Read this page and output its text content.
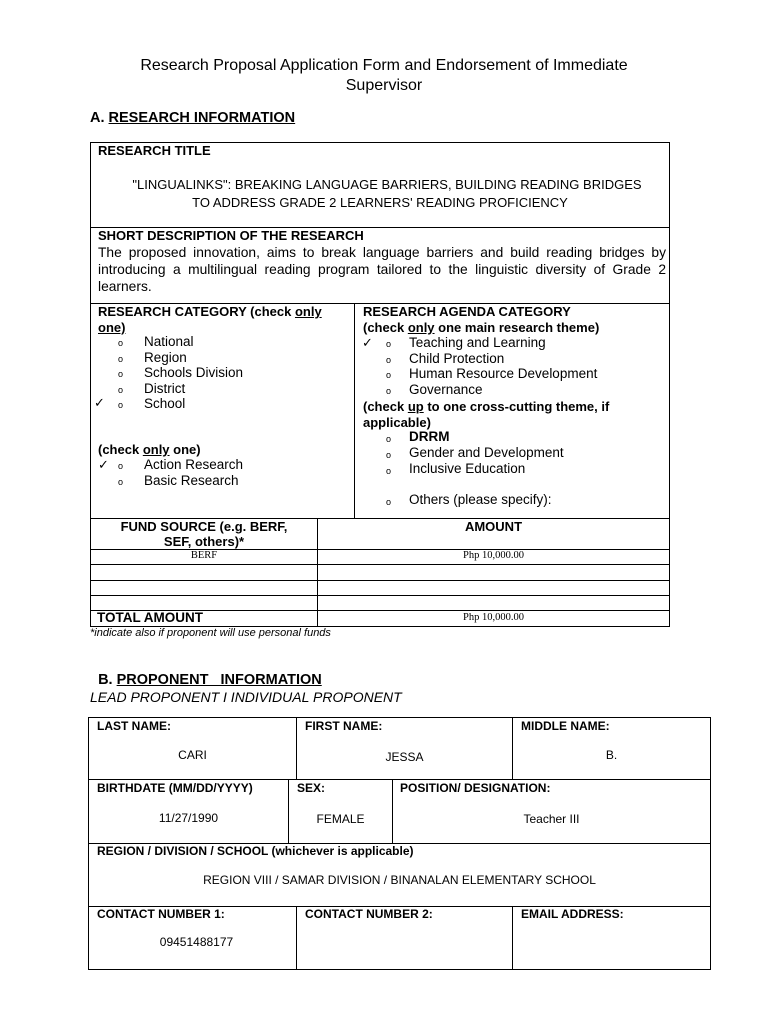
Research Proposal Application Form and Endorsement of Immediate
Supervisor
A. RESEARCH INFORMATION
RESEARCH TITLE
"LINGUALINKS": BREAKING LANGUAGE BARRIERS, BUILDING READING BRIDGES
TO ADDRESS GRADE 2 LEARNERS' READING PROFICIENCY
SHORT DESCRIPTION OF THE RESEARCH
The proposed innovation, aims to break language barriers and build reading bridges by introducing a multilingual reading program tailored to the linguistic diversity of Grade 2 learners.
RESEARCH CATEGORY (check only
one)
o National
o Region
o Schools Division
o District
✓ o School
(check only one)
✓ o Action Research
o Basic Research
RESEARCH AGENDA CATEGORY
(check only one main research theme)
✓ o Teaching and Learning
o Child Protection
o Human Resource Development
o Governance
(check up to one cross-cutting theme, if
applicable)
o DRRM
o Gender and Development
o Inclusive Education
o Others (please specify):
FUND SOURCE (e.g. BERF,
SEF, others)*
AMOUNT
BERF	Php 10,000.00
TOTAL AMOUNT	Php 10,000.00
*indicate also if proponent will use personal funds

B. PROPONENT   INFORMATION

LEAD PROPONENT I INDIVIDUAL PROPONENT
LAST NAME:
CARI
FIRST NAME:
JESSA
MIDDLE NAME:
B.
BIRTHDATE (MM/DD/YYYY)
11/27/1990
SEX:
FEMALE
POSITION/ DESIGNATION:
Teacher III
REGION / DIVISION / SCHOOL (whichever is applicable)
REGION VIII / SAMAR DIVISION / BINANALAN ELEMENTARY SCHOOL
CONTACT NUMBER 1:
09451488177
CONTACT NUMBER 2:	EMAIL ADDRESS:
